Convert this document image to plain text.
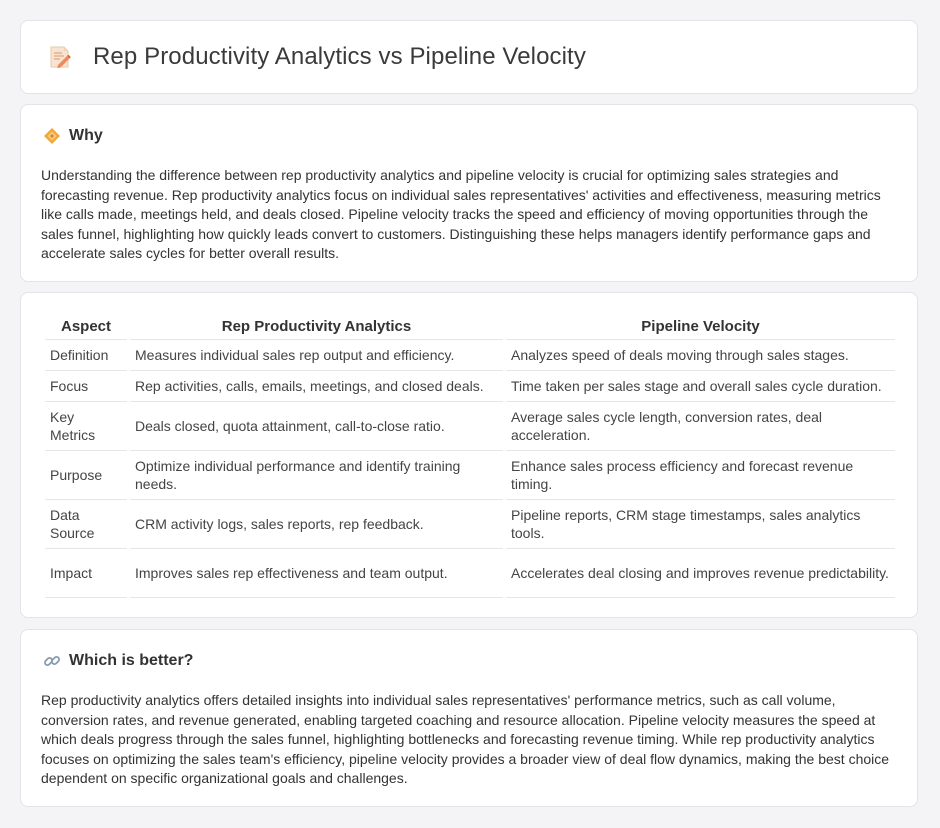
Rep Productivity Analytics vs Pipeline Velocity
Why

Understanding the difference between rep productivity analytics and pipeline velocity is crucial for optimizing sales strategies and forecasting revenue. Rep productivity analytics focus on individual sales representatives' activities and effectiveness, measuring metrics like calls made, meetings held, and deals closed. Pipeline velocity tracks the speed and efficiency of moving opportunities through the sales funnel, highlighting how quickly leads convert to customers. Distinguishing these helps managers identify performance gaps and accelerate sales cycles for better overall results.

Aspect	Rep Productivity Analytics	Pipeline Velocity
Definition	Measures individual sales rep output and efficiency.	Analyzes speed of deals moving through sales stages.
Focus	Rep activities, calls, emails, meetings, and closed deals.	Time taken per sales stage and overall sales cycle duration.
Key Metrics	Deals closed, quota attainment, call-to-close ratio.	Average sales cycle length, conversion rates, deal acceleration.
Purpose	Optimize individual performance and identify training needs.	Enhance sales process efficiency and forecast revenue timing.
Data Source	CRM activity logs, sales reports, rep feedback.	Pipeline reports, CRM stage timestamps, sales analytics tools.
Impact	Improves sales rep effectiveness and team output.	Accelerates deal closing and improves revenue predictability.
Which is better?

Rep productivity analytics offers detailed insights into individual sales representatives' performance metrics, such as call volume, conversion rates, and revenue generated, enabling targeted coaching and resource allocation. Pipeline velocity measures the speed at which deals progress through the sales funnel, highlighting bottlenecks and forecasting revenue timing. While rep productivity analytics focuses on optimizing the sales team's efficiency, pipeline velocity provides a broader view of deal flow dynamics, making the best choice dependent on specific organizational goals and challenges.
